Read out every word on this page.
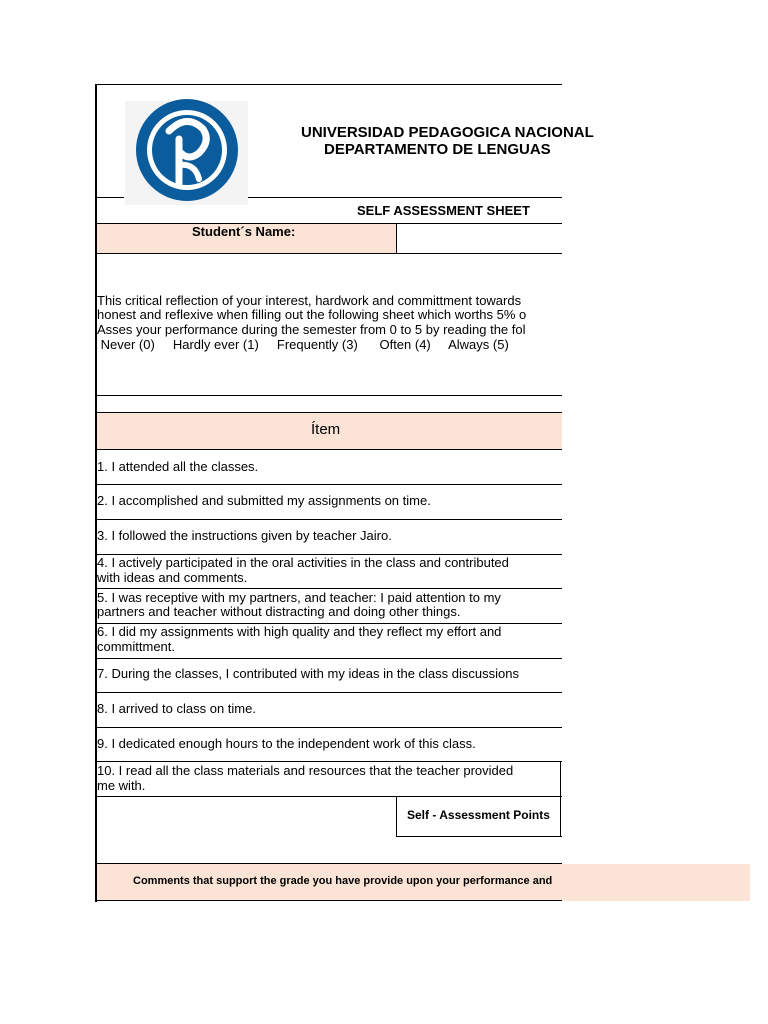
UNIVERSIDAD PEDAGOGICA NACIONAL
DEPARTAMENTO DE LENGUAS
SELF ASSESSMENT SHEET
Student´s Name:
This critical reflection of your interest, hardwork and committment towards
honest and reflexive when filling out the following sheet which worths 5% o
Asses your performance during the semester from 0 to 5 by reading the fol
Never (0)     Hardly ever (1)     Frequently (3)      Often (4)     Always (5)
Ítem
1. I attended all the classes.
2. I accomplished and submitted my assignments on time.
3. I followed the instructions given by teacher Jairo.
4. I actively participated in the oral activities in the class and contributed
with ideas and comments.
5. I was receptive with my partners, and teacher: I paid attention to my
partners and teacher without distracting and doing other things.
6. I did my assignments with high quality and they reflect my effort and
committment.
7. During the classes, I contributed with my ideas in the class discussions
8. I arrived to class on time.
9. I dedicated enough hours to the independent work of this class.
10. I read all the class materials and resources that the teacher provided
me with.
Self - Assessment Points
Comments that support the grade you have provide upon your performance and
